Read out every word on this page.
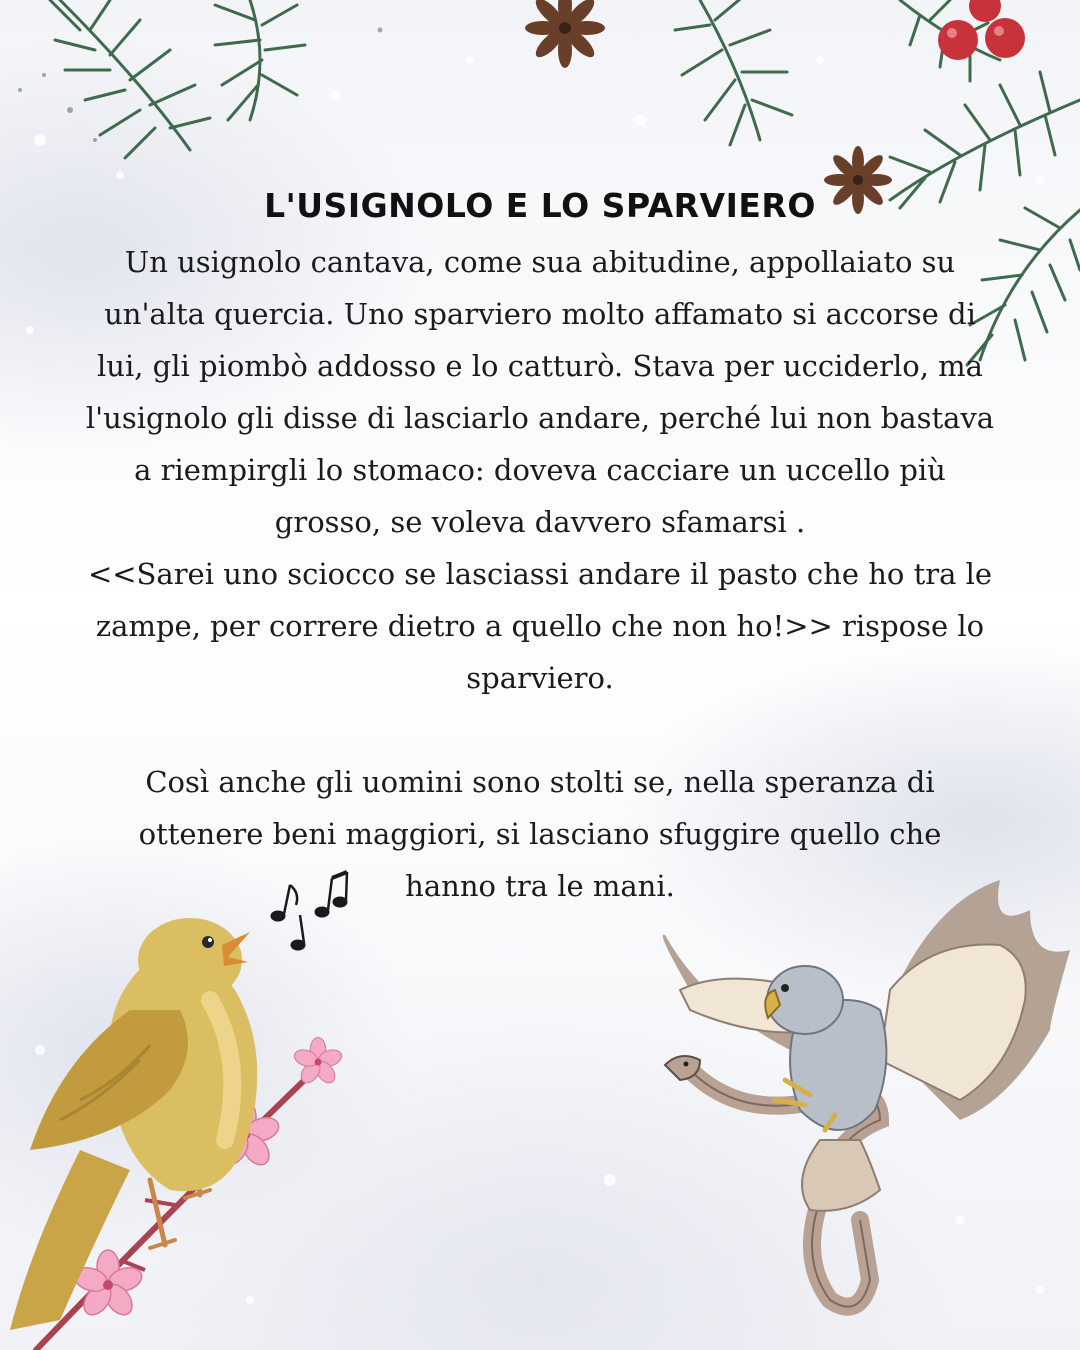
L'USIGNOLO E LO SPARVIERO

Un usignolo cantava, come sua abitudine, appollaiato su
un'alta quercia. Uno sparviero molto affamato si accorse di
lui, gli piombò addosso e lo catturò. Stava per ucciderlo, ma
l'usignolo gli disse di lasciarlo andare, perché lui non bastava
a riempirgli lo stomaco: doveva cacciare un uccello più
grosso, se voleva davvero sfamarsi .
<<Sarei uno sciocco se lasciassi andare il pasto che ho tra le
zampe, per correre dietro a quello che non ho!>> rispose lo
sparviero.

Così anche gli uomini sono stolti se, nella speranza di
ottenere beni maggiori, si lasciano sfuggire quello che
hanno tra le mani.
